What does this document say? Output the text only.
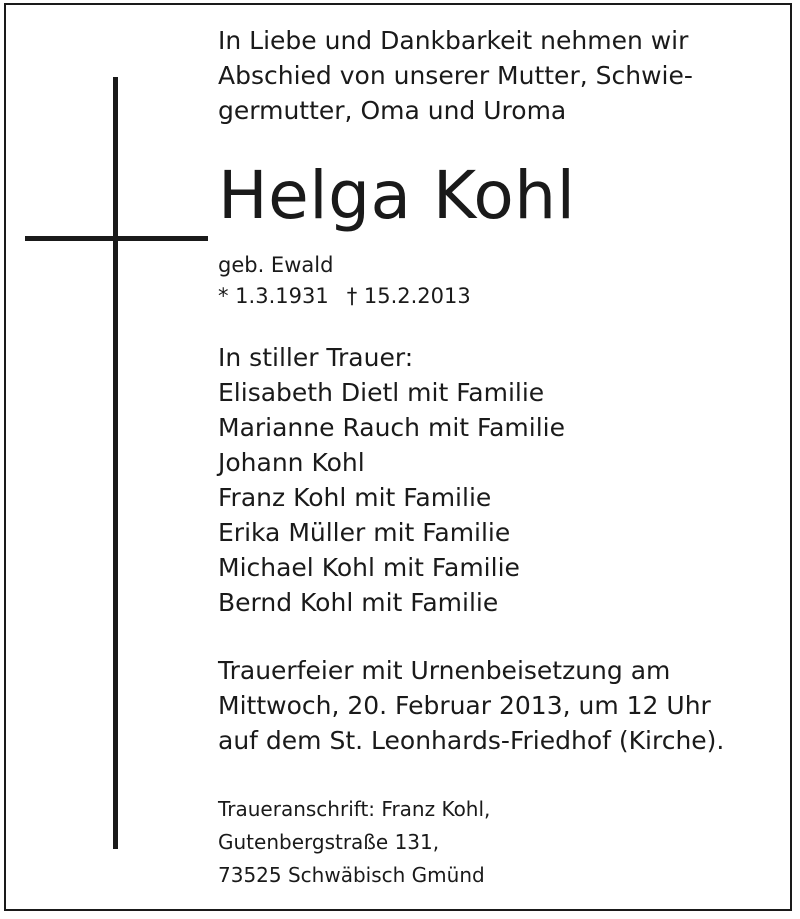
In Liebe und Dankbarkeit nehmen wir
Abschied von unserer Mutter, Schwie-
germutter, Oma und Uroma
Helga Kohl
geb. Ewald
* 1.3.1931 † 15.2.2013
In stiller Trauer:
Elisabeth Dietl mit Familie
Marianne Rauch mit Familie
Johann Kohl
Franz Kohl mit Familie
Erika Müller mit Familie
Michael Kohl mit Familie
Bernd Kohl mit Familie
Trauerfeier mit Urnenbeisetzung am
Mittwoch, 20. Februar 2013, um 12 Uhr
auf dem St. Leonhards-Friedhof (Kirche).
Traueranschrift: Franz Kohl,
Gutenbergstraße 131,
73525 Schwäbisch Gmünd
